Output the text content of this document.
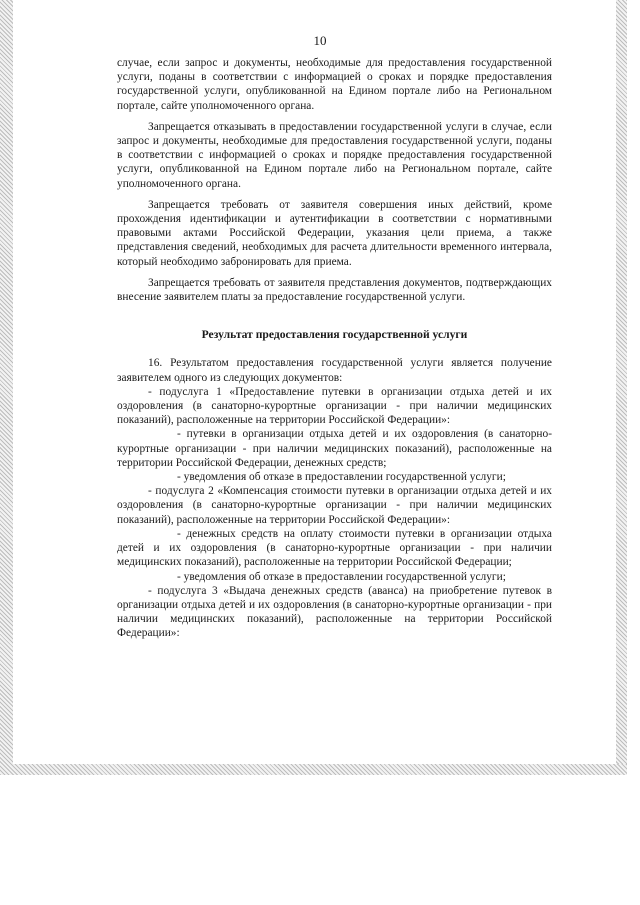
10

случае, если запрос и документы, необходимые для предоставления государственной услуги, поданы в соответствии с информацией о сроках и порядке предоставления государственной услуги, опубликованной на Едином портале либо на Региональном портале, сайте уполномоченного органа.

Запрещается отказывать в предоставлении государственной услуги в случае, если запрос и документы, необходимые для предоставления государственной услуги, поданы в соответствии с информацией о сроках и порядке предоставления государственной услуги, опубликованной на Едином портале либо на Региональном портале, сайте уполномоченного органа.

Запрещается требовать от заявителя совершения иных действий, кроме прохождения идентификации и аутентификации в соответствии с нормативными правовыми актами Российской Федерации, указания цели приема, а также представления сведений, необходимых для расчета длительности временного интервала, который необходимо забронировать для приема.

Запрещается требовать от заявителя представления документов, подтверждающих внесение заявителем платы за предоставление государственной услуги.

Результат предоставления государственной услуги

16. Результатом предоставления государственной услуги является получение заявителем одного из следующих документов:

- подуслуга 1 «Предоставление путевки в организации отдыха детей и их оздоровления (в санаторно-курортные организации - при наличии медицинских показаний), расположенные на территории Российской Федерации»:

- путевки в организации отдыха детей и их оздоровления (в санаторно-курортные организации - при наличии медицинских показаний), расположенные на территории Российской Федерации, денежных средств;

- уведомления об отказе в предоставлении государственной услуги;

- подуслуга 2 «Компенсация стоимости путевки в организации отдыха детей и их оздоровления (в санаторно-курортные организации - при наличии медицинских показаний), расположенные на территории Российской Федерации»:

- денежных средств на оплату стоимости путевки в организации отдыха детей и их оздоровления (в санаторно-курортные организации - при наличии медицинских показаний), расположенные на территории Российской Федерации;

- уведомления об отказе в предоставлении государственной услуги;

- подуслуга 3 «Выдача денежных средств (аванса) на приобретение путевок в организации отдыха детей и их оздоровления (в санаторно-курортные организации - при наличии медицинских показаний), расположенные на территории Российской Федерации»:
